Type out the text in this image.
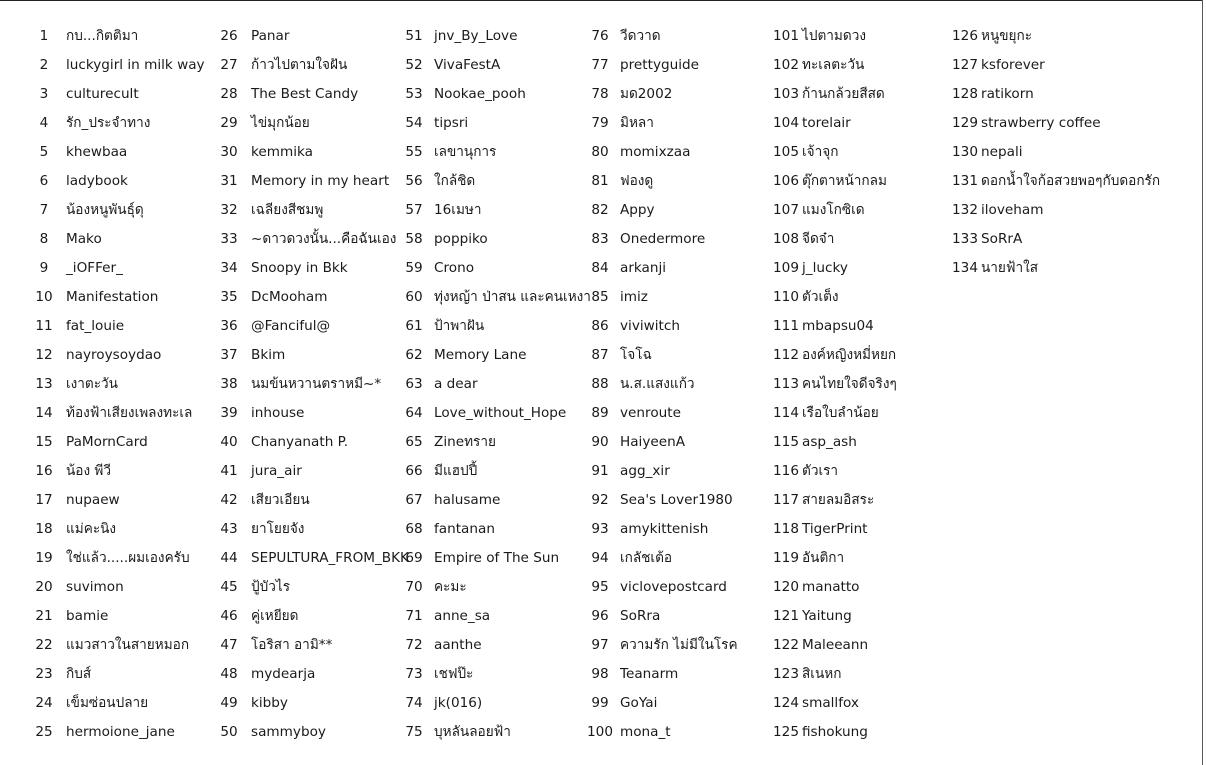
1	กบ...กิตติมา
2	luckygirl in milk way
3	culturecult
4	รัก_ประจำทาง
5	khewbaa
6	ladybook
7	น้องหนูพันธุ์ดุ
8	Mako
9	_iOFFer_
10 Manifestation
11 fat_louie
12 nayroysoydao
13 เงาตะวัน
14 ท้องฟ้าเสียงเพลงทะเล
15 PaMornCard
16 น้อง พีวี
17 nupaew
18 แม่คะนิง
19 ใช่แล้ว.....ผมเองครับ
20 suvimon
21 bamie
22 แมวสาวในสายหมอก
23 กิบส์
24 เข็มซ่อนปลาย
25 hermoione_jane
26 Panar
27 ก้าวไปตามใจฝัน
28 The Best Candy
29 ไข่มุกน้อย
30 kemmika
31 Memory in my heart
32 เฉลียงสีชมพู
33 ~ดาวดวงนั้น...คือฉันเอง
34 Snoopy in Bkk
35 DcMooham
36 @Fanciful@
37 Bkim
38 นมข้นหวานตราหมี~*
39 inhouse
40 Chanyanath P.
41 jura_air
42 เสียวเอียน
43 ยาโยยจัง
44 SEPULTURA_FROM_BKK
45 ปู้บัวไร
46 คู่เหยียด
47 โอริสา อามิ**
48 mydearja
49 kibby
50 sammyboy
51 jnv_By_Love
52 VivaFestA
53 Nookae_pooh
54 tipsri
55 เลขานุการ
56 ใกล้ชิด
57 16เมษา
58 poppiko
59 Crono
60 ทุ่งหญ้า ป่าสน และคนเหงา
61 ป้าพาฝัน
62 Memory Lane
63 a dear
64 Love_without_Hope
65 Zineทราย
66 มีแฮปปี้
67 halusame
68 fantanan
69 Empire of The Sun
70 คะมะ
71 anne_sa
72 aanthe
73 เชฟป๊ะ
74 jk(016)
75 บุหลันลอยฟ้า
76 วีดวาด
77 prettyguide
78 มด2002
79 มิหลา
80 momixzaa
81 ฟองดู
82 Appy
83 Onedermore
84 arkanji
85 imiz
86 viviwitch
87 โจโฉ
88 น.ส.แสงแก้ว
89 venroute
90 HaiyeenA
91 agg_xir
92 Sea's Lover1980
93 amykittenish
94 เกลัชเต้อ
95 viclovepostcard
96 SoRra
97 ความรัก ไม่มีในโรค
98 Teanarm
99 GoYai
100 mona_t
101 ไปตามดวง
102 ทะเลตะวัน
103 ก้านกล้วยสีสด
104 torelair
105 เจ้าจุก
106 ตุ๊กตาหน้ากลม
107 แมงโกซิเด
108 จีดจ๋า
109 j_lucky
110 ตัวเต็ง
111 mbapsu04
112 องค์หญิงหมี่หยก
113 คนไทยใจดีจริงๆ
114 เรือใบลำน้อย
115 asp_ash
116 ตัวเรา
117 สายลมอิสระ
118 TigerPrint
119 อันติกา
120 manatto
121 Yaitung
122 Maleeann
123 สิเนหก
124 smallfox
125 fishokung
126 หนูขยุกะ
127 ksforever
128 ratikorn
129 strawberry coffee
130 nepali
131 ดอกน้ำใจก้อสวยพอๆกับดอกรัก
132 iloveham
133 SoRrA
134 นายฟ้าใส
